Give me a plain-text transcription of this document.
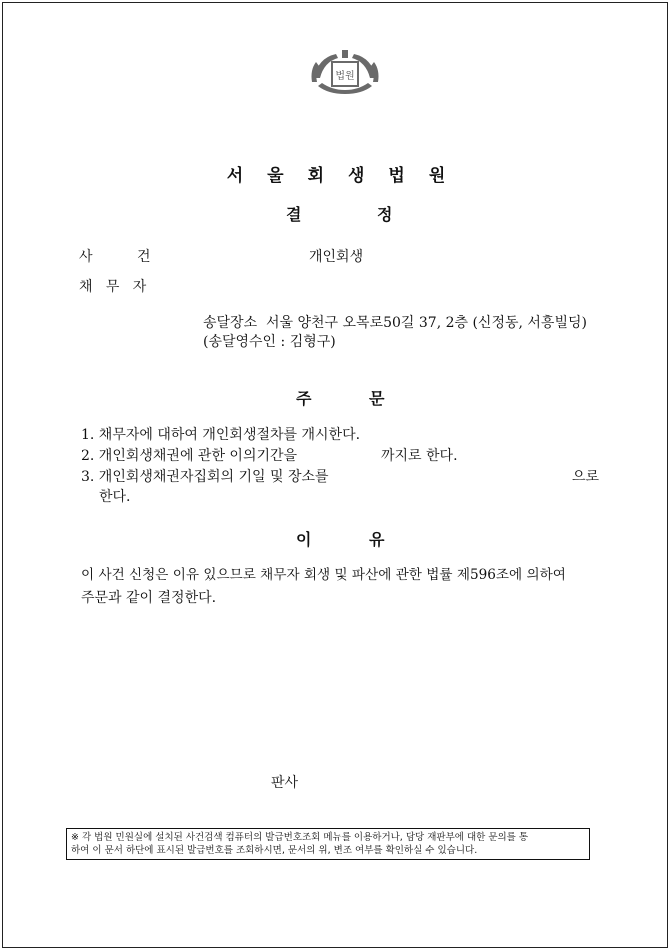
법원
서울회생법원
결	정
사          건	개인회생
채   무   자
송달장소  서울 양천구 오목로50길 37, 2층 (신정동, 서흥빌딩)
(송달영수인 : 김형구)
주	문
1. 채무자에 대하여 개인회생절차를 개시한다.
2. 개인회생채권에 관한 이의기간을	까지로 한다.
3. 개인회생채권자집회의 기일 및 장소를	으로
한다.
이	유
이 사건 신청은 이유 있으므로 채무자 회생 및 파산에 관한 법률 제596조에 의하여
주문과 같이 결정한다.
판사
※ 각 법원 민원실에 설치된 사건검색 컴퓨터의 발급번호조회 메뉴를 이용하거나, 담당 재판부에 대한 문의를 통
하여 이 문서 하단에 표시된 발급번호를 조회하시면, 문서의 위, 변조 여부를 확인하실 수 있습니다.
